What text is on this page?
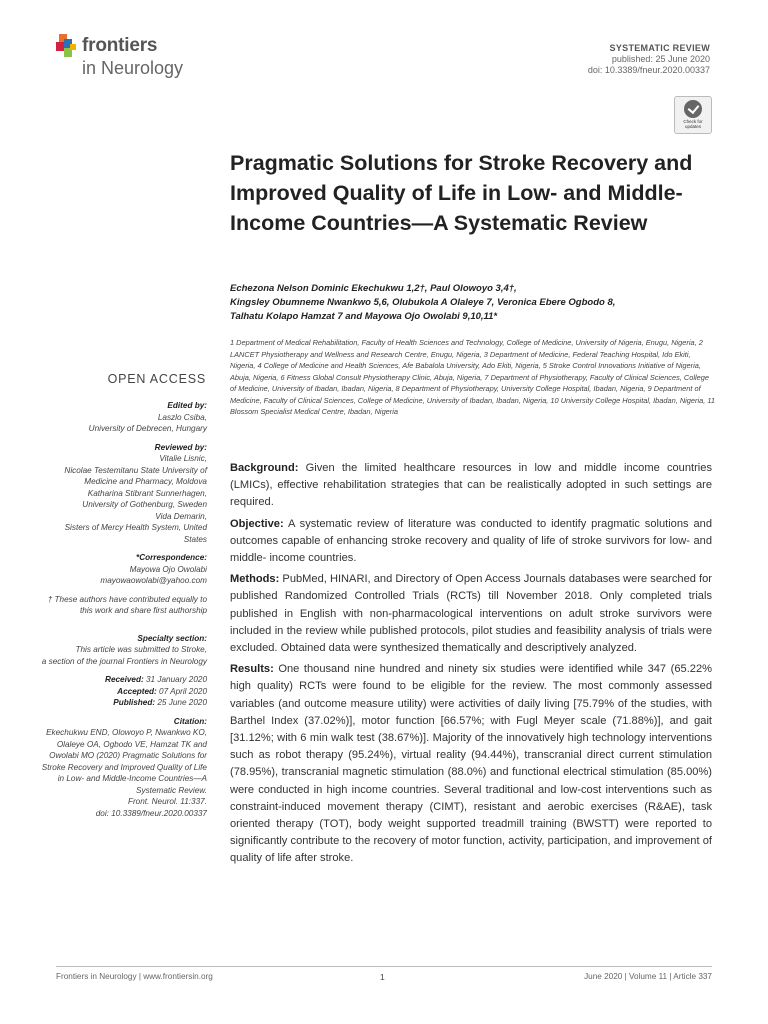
frontiers
in Neurology
SYSTEMATIC REVIEW
published: 25 June 2020
doi: 10.3389/fneur.2020.00337
Check for
updates
Pragmatic Solutions for Stroke Recovery and Improved Quality of Life in Low- and Middle-Income Countries—A Systematic Review
Echezona Nelson Dominic Ekechukwu 1,2†, Paul Olowoyo 3,4†,
Kingsley Obumneme Nwankwo 5,6, Olubukola A Olaleye 7, Veronica Ebere Ogbodo 8,
Talhatu Kolapo Hamzat 7 and Mayowa Ojo Owolabi 9,10,11*
1 Department of Medical Rehabilitation, Faculty of Health Sciences and Technology, College of Medicine, University of Nigeria, Enugu, Nigeria, 2 LANCET Physiotherapy and Wellness and Research Centre, Enugu, Nigeria, 3 Department of Medicine, Federal Teaching Hospital, Ido Ekiti, Nigeria, 4 College of Medicine and Health Sciences, Afe Babalola University, Ado Ekiti, Nigeria, 5 Stroke Control Innovations Initiative of Nigeria, Abuja, Nigeria, 6 Fitness Global Consult Physiotherapy Clinic, Abuja, Nigeria, 7 Department of Physiotherapy, Faculty of Clinical Sciences, College of Medicine, University of Ibadan, Ibadan, Nigeria, 8 Department of Physiotherapy, University College Hospital, Ibadan, Nigeria, 9 Department of Medicine, Faculty of Clinical Sciences, College of Medicine, University of Ibadan, Ibadan, Nigeria, 10 University College Hospital, Ibadan, Nigeria, 11 Blossom Specialist Medical Centre, Ibadan, Nigeria
OPEN ACCESS

Edited by:

Laszlo Csiba,

University of Debrecen, Hungary

Reviewed by:

Vitalie Lisnic,

Nicolae Testemitanu State University of Medicine and Pharmacy, Moldova

Katharina Stibrant Sunnerhagen,

University of Gothenburg, Sweden

Vida Demarin,

Sisters of Mercy Health System, United States

*Correspondence:

Mayowa Ojo Owolabi

mayowaowolabi@yahoo.com

† These authors have contributed equally to this work and share first authorship

Specialty section:

This article was submitted to Stroke,

a section of the journal Frontiers in Neurology

Received: 31 January 2020

Accepted: 07 April 2020

Published: 25 June 2020

Citation:

Ekechukwu END, Olowoyo P, Nwankwo KO, Olaleye OA, Ogbodo VE, Hamzat TK and Owolabi MO (2020) Pragmatic Solutions for Stroke Recovery and Improved Quality of Life in Low- and Middle-Income Countries—A Systematic Review.

Front. Neurol. 11:337.

doi: 10.3389/fneur.2020.00337

Background: Given the limited healthcare resources in low and middle income countries (LMICs), effective rehabilitation strategies that can be realistically adopted in such settings are required.

Objective: A systematic review of literature was conducted to identify pragmatic solutions and outcomes capable of enhancing stroke recovery and quality of life of stroke survivors for low- and middle- income countries.

Methods: PubMed, HINARI, and Directory of Open Access Journals databases were searched for published Randomized Controlled Trials (RCTs) till November 2018. Only completed trials published in English with non-pharmacological interventions on adult stroke survivors were included in the review while published protocols, pilot studies and feasibility analysis of trials were excluded. Obtained data were synthesized thematically and descriptively analyzed.

Results: One thousand nine hundred and ninety six studies were identified while 347 (65.22% high quality) RCTs were found to be eligible for the review. The most commonly assessed variables (and outcome measure utility) were activities of daily living [75.79% of the studies, with Barthel Index (37.02%)], motor function [66.57%; with Fugl Meyer scale (71.88%)], and gait [31.12%; with 6 min walk test (38.67%)]. Majority of the innovatively high technology interventions such as robot therapy (95.24%), virtual reality (94.44%), transcranial direct current stimulation (78.95%), transcranial magnetic stimulation (88.0%) and functional electrical stimulation (85.00%) were conducted in high income countries. Several traditional and low-cost interventions such as constraint-induced movement therapy (CIMT), resistant and aerobic exercises (R&AE), task oriented therapy (TOT), body weight supported treadmill training (BWSTT) were reported to significantly contribute to the recovery of motor function, activity, participation, and improvement of quality of life after stroke.

Frontiers in Neurology | www.frontiersin.org	1	June 2020 | Volume 11 | Article 337
